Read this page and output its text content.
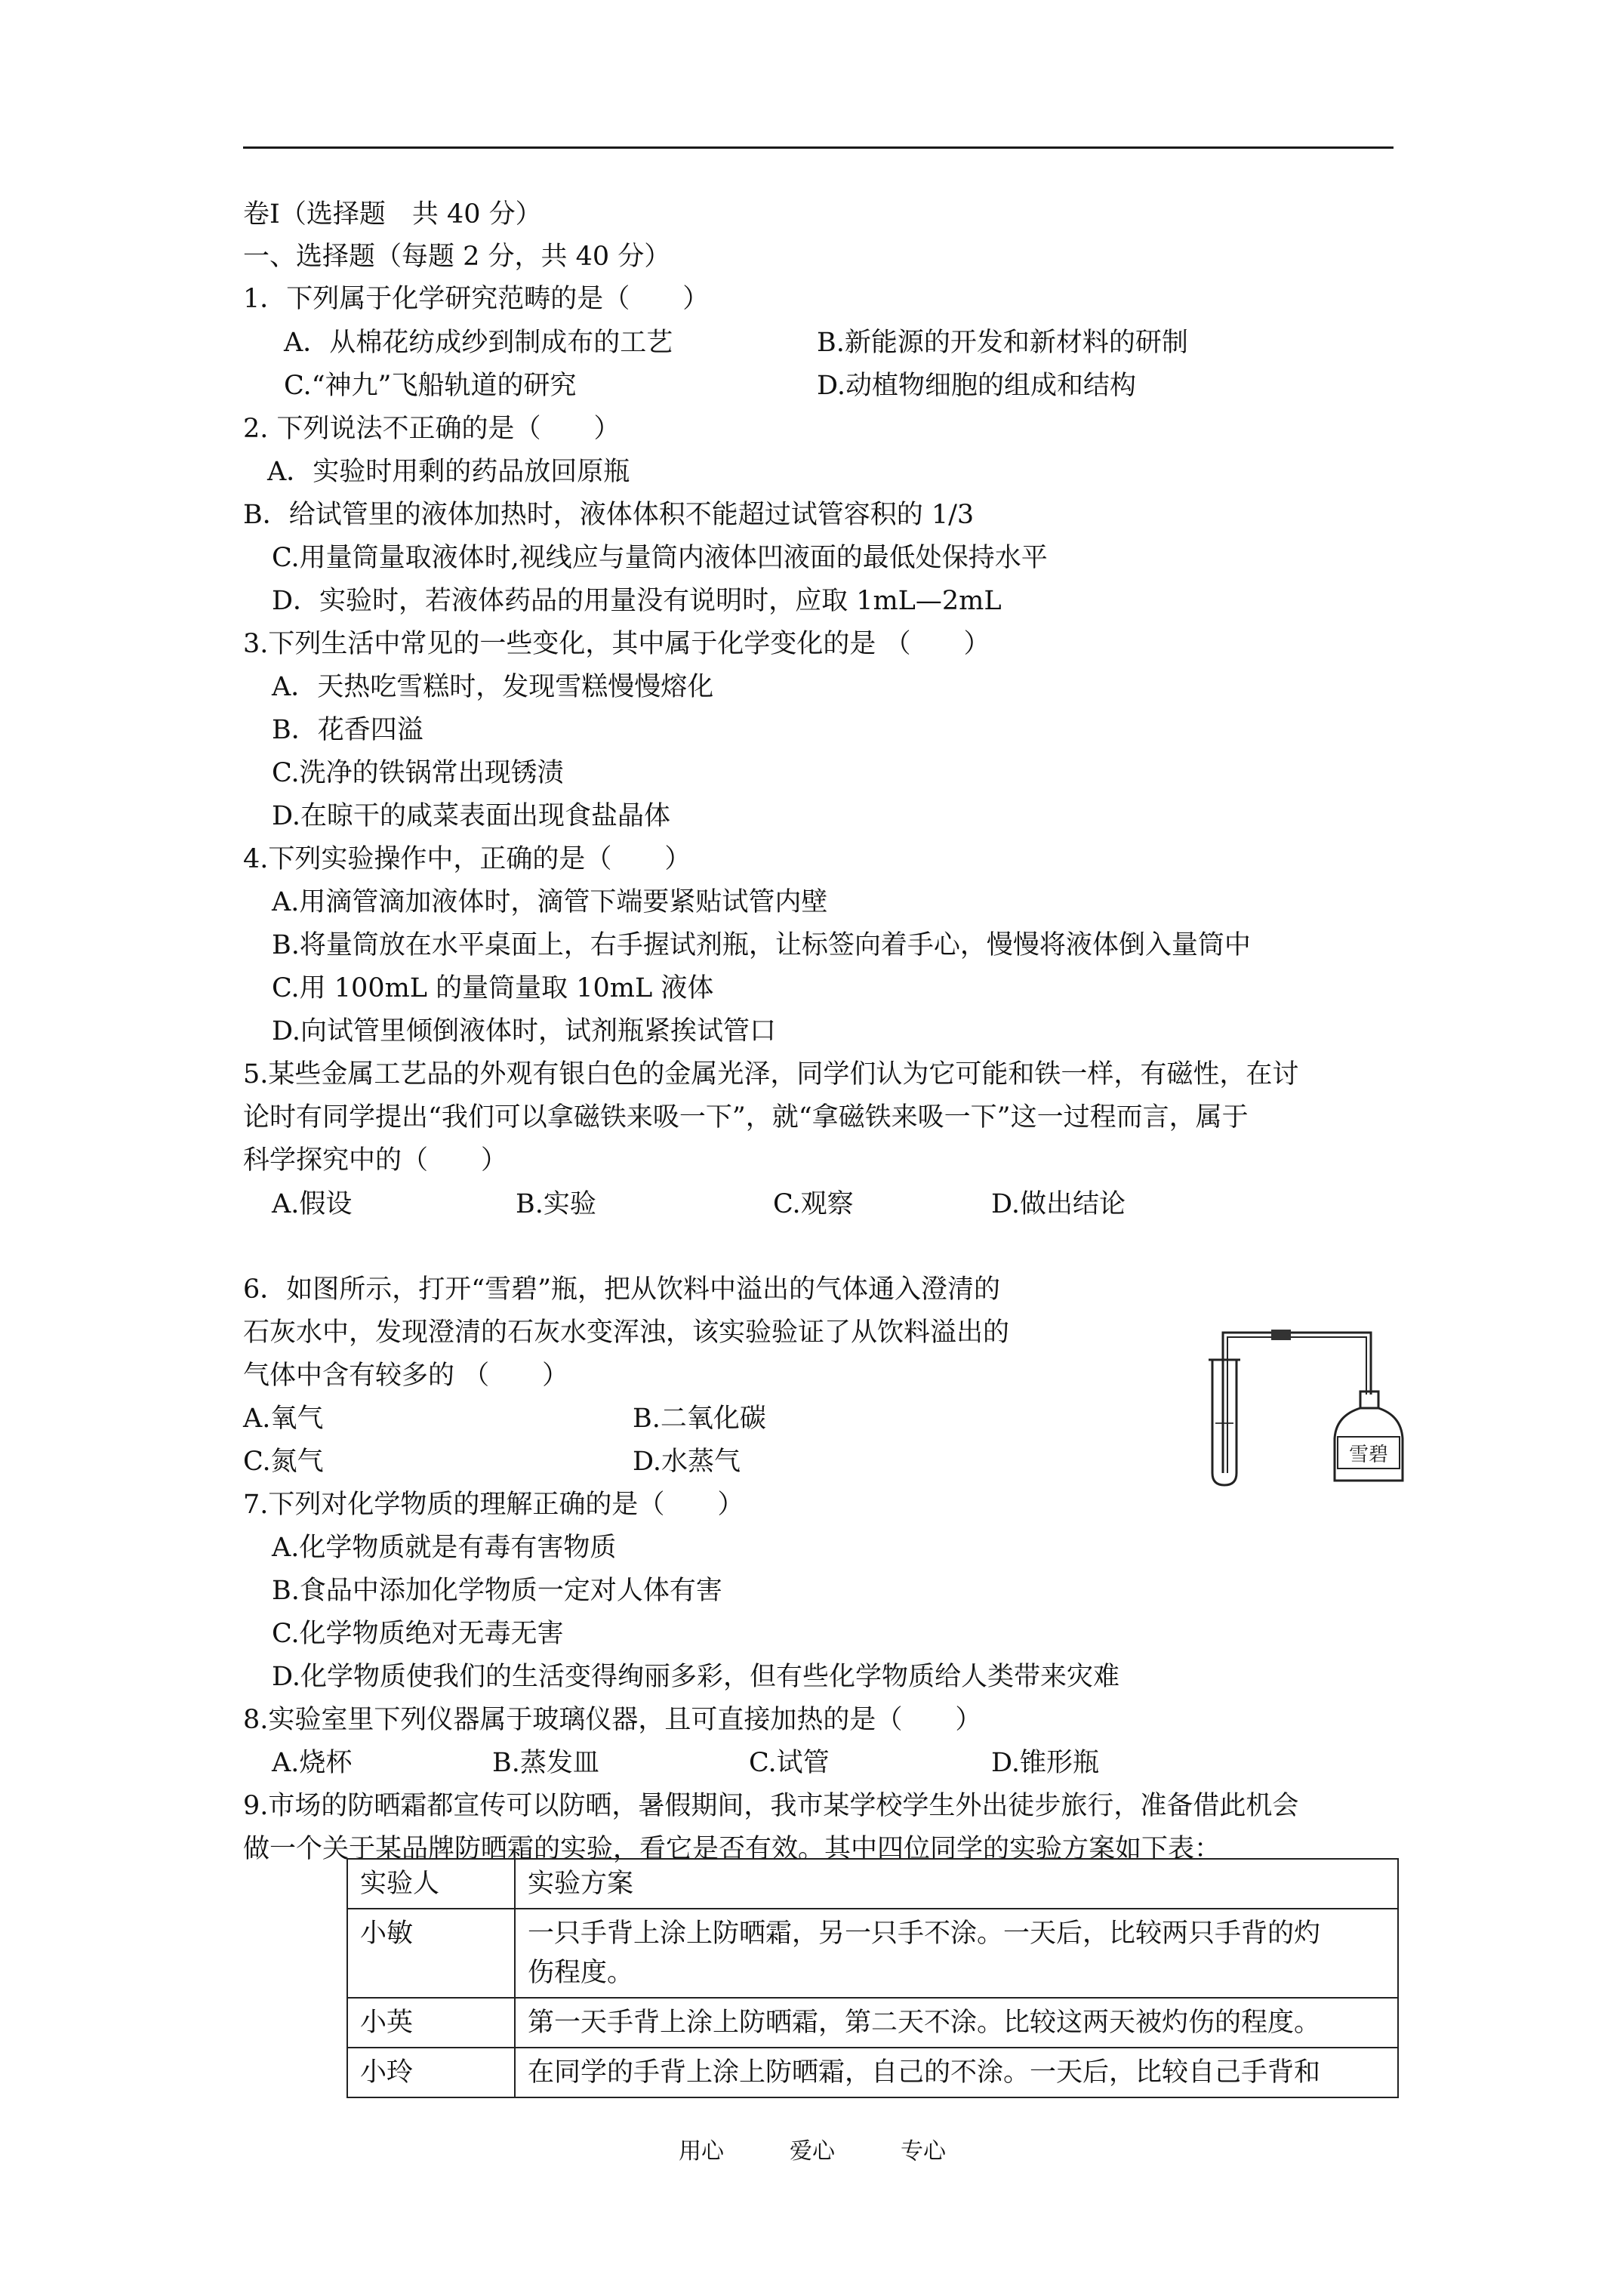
卷Ⅰ（选择题　共 40 分）
一、选择题（每题 2 分，共 40 分）
1．下列属于化学研究范畴的是（　　）
A．从棉花纺成纱到制成布的工艺	B.新能源的开发和新材料的研制
C.“神九”飞船轨道的研究	D.动植物细胞的组成和结构
2. 下列说法不正确的是（　　）
A．实验时用剩的药品放回原瓶
B．给试管里的液体加热时，液体体积不能超过试管容积的 1/3
C.用量筒量取液体时,视线应与量筒内液体凹液面的最低处保持水平
D．实验时，若液体药品的用量没有说明时，应取 1mL—2mL
3.下列生活中常见的一些变化，其中属于化学变化的是 （　　）
A．天热吃雪糕时，发现雪糕慢慢熔化
B．花香四溢
C.洗净的铁锅常出现锈渍
D.在晾干的咸菜表面出现食盐晶体
4.下列实验操作中，正确的是（　　）
A.用滴管滴加液体时，滴管下端要紧贴试管内壁
B.将量筒放在水平桌面上，右手握试剂瓶，让标签向着手心，慢慢将液体倒入量筒中
C.用 100mL 的量筒量取 10mL 液体
D.向试管里倾倒液体时，试剂瓶紧挨试管口
5.某些金属工艺品的外观有银白色的金属光泽，同学们认为它可能和铁一样，有磁性，在讨
论时有同学提出“我们可以拿磁铁来吸一下”，就“拿磁铁来吸一下”这一过程而言，属于
科学探究中的（　　）
A.假设	B.实验	C.观察	D.做出结论
6．如图所示，打开“雪碧”瓶，把从饮料中溢出的气体通入澄清的
石灰水中，发现澄清的石灰水变浑浊，该实验验证了从饮料溢出的
气体中含有较多的 （　　）
A.氧气	B.二氧化碳
C.氮气	D.水蒸气	雪碧
7.下列对化学物质的理解正确的是（　　）
A.化学物质就是有毒有害物质
B.食品中添加化学物质一定对人体有害
C.化学物质绝对无毒无害
D.化学物质使我们的生活变得绚丽多彩，但有些化学物质给人类带来灾难
8.实验室里下列仪器属于玻璃仪器，且可直接加热的是（　　）
A.烧杯	B.蒸发皿	C.试管	D.锥形瓶
9.市场的防晒霜都宣传可以防晒，暑假期间，我市某学校学生外出徒步旅行，准备借此机会
做一个关于某品牌防晒霜的实验，看它是否有效。其中四位同学的实验方案如下表：
实验人	实验方案
小敏	一只手背上涂上防晒霜，另一只手不涂。一天后，比较两只手背的灼
伤程度。

小英	第一天手背上涂上防晒霜，第二天不涂。比较这两天被灼伤的程度。
小玲	在同学的手背上涂上防晒霜，自己的不涂。一天后，比较自己手背和
用心	爱心	专心
